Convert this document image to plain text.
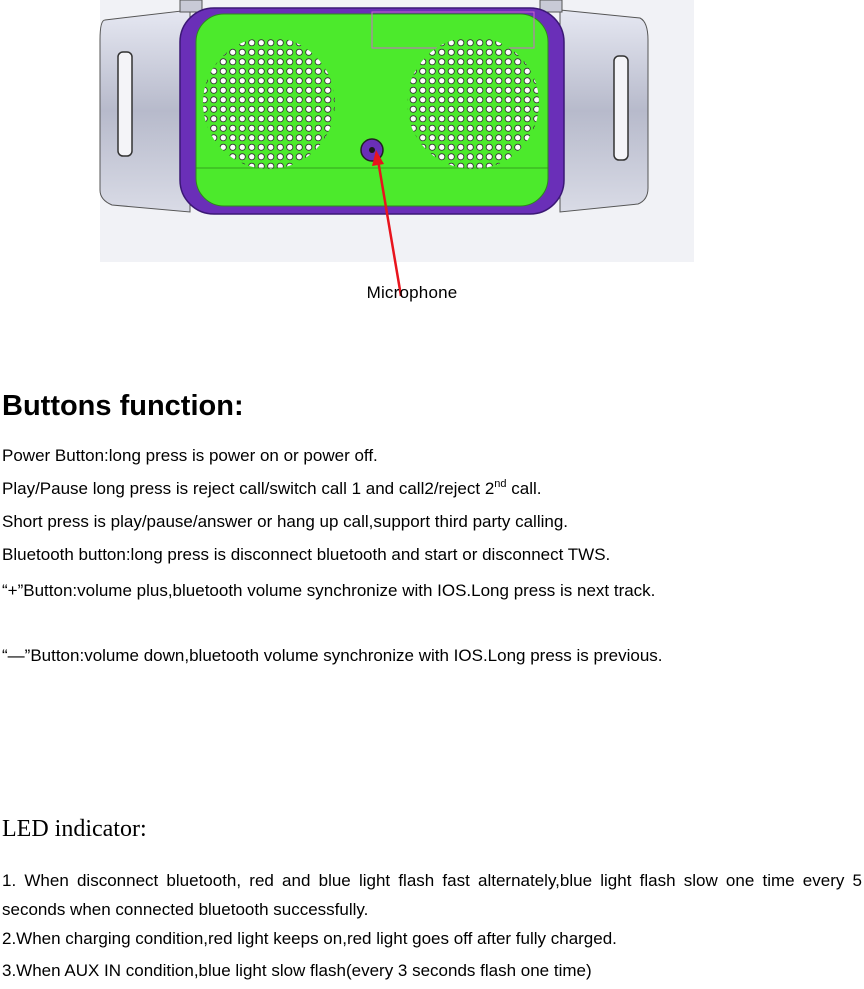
Microphone
Buttons function:
Power Button:long press is power on or power off.
Play/Pause long press is reject call/switch call 1 and call2/reject 2nd call.
Short press is play/pause/answer or hang up call,support third party calling.
Bluetooth button:long press is disconnect bluetooth and start or disconnect TWS.
“+”Button:volume plus,bluetooth volume synchronize with IOS.Long press is next track.
“—”Button:volume down,bluetooth volume synchronize with IOS.Long press is previous.
LED indicator:
1. When disconnect bluetooth, red and blue light flash fast alternately,blue light flash slow one time every 5 seconds when connected bluetooth successfully.
2.When charging condition,red light keeps on,red light goes off after fully charged.
3.When AUX IN condition,blue light slow flash(every 3 seconds flash one time)
